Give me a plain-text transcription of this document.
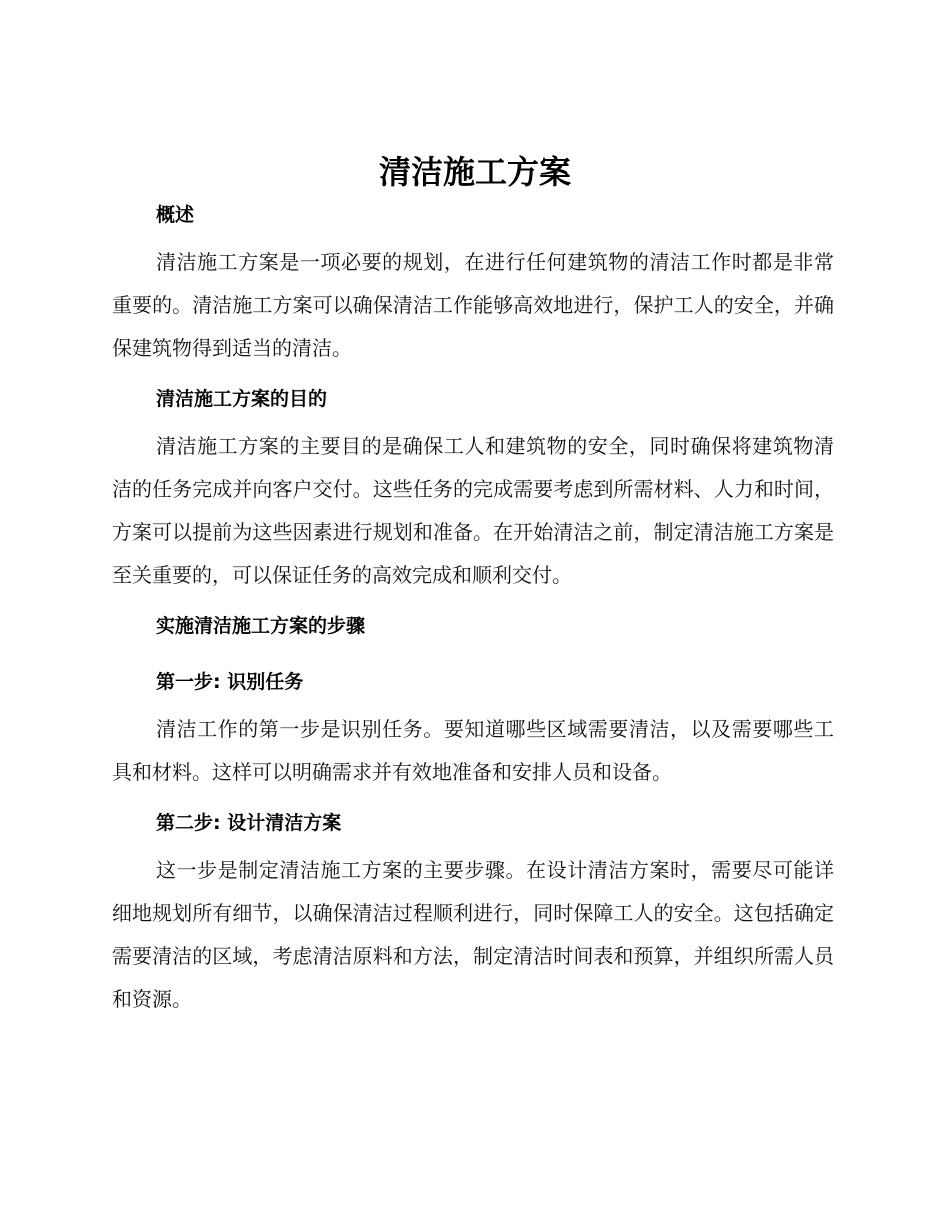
清洁施工方案

概述

清洁施工方案是一项必要的规划，在进行任何建筑物的清洁工作时都是非常重要的。清洁施工方案可以确保清洁工作能够高效地进行，保护工人的安全，并确保建筑物得到适当的清洁。

清洁施工方案的目的

清洁施工方案的主要目的是确保工人和建筑物的安全，同时确保将建筑物清洁的任务完成并向客户交付。这些任务的完成需要考虑到所需材料、人力和时间，方案可以提前为这些因素进行规划和准备。在开始清洁之前，制定清洁施工方案是至关重要的，可以保证任务的高效完成和顺利交付。

实施清洁施工方案的步骤

第一步: 识别任务

清洁工作的第一步是识别任务。要知道哪些区域需要清洁，以及需要哪些工具和材料。这样可以明确需求并有效地准备和安排人员和设备。

第二步: 设计清洁方案

这一步是制定清洁施工方案的主要步骤。在设计清洁方案时，需要尽可能详细地规划所有细节，以确保清洁过程顺利进行，同时保障工人的安全。这包括确定需要清洁的区域，考虑清洁原料和方法，制定清洁时间表和预算，并组织所需人员和资源。
